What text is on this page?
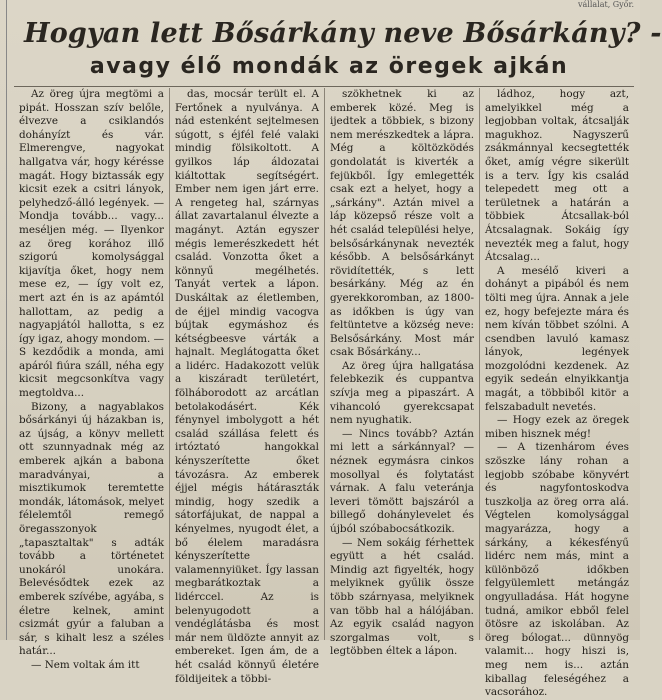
vállalat, Győr.
Hogyan lett Bősárkány neve Bősárkány? -
avagy élő mondák az öregek ajkán

Az öreg újra megtömi a pipát. Hosszan szív belőle, élvezve a csiklandós dohányízt és vár. Elmerengve, nagyokat hallgatva vár, hogy kérésse magát. Hogy biztassák egy kicsit ezek a csitri lányok, pelyhedző-álló legények. — Mondja tovább... vagy... meséljen még. — Ilyenkor az öreg korához illő szigorú komolysággal kijavítja őket, hogy nem mese ez, — így volt ez, mert azt én is az apámtól hallottam, az pedig a nagyapjától hallotta, s ez így igaz, ahogy mondom. — S kezdődik a monda, ami apáról fiúra száll, néha egy kicsit megcsonkítva vagy megtoldva...

Bizony, a nagyablakos bősárkányi új házakban is, az újság, a könyv mellett ott szunnyadnak még az emberek ajkán a babona maradványai, a misztikumok teremtette mondák, látomások, melyet félelemtől remegő öregasszonyok „tapasztaltak" s adták tovább a történetet unokáról unokára. Belevésődtek ezek az emberek szívébe, agyába, s életre kelnek, amint csizmát gyúr a faluban a sár, s kihalt lesz a széles határ...

— Nem voltak ám itt

das, mocsár terült el. A Fertőnek a nyulványa. A nád estenként sejtelmesen súgott, s éjfél felé valaki mindig fölsikoltott. A gyilkos láp áldozatai kiáltottak segítségért. Ember nem igen járt erre. A rengeteg hal, szárnyas állat zavartalanul élvezte a magányt. Aztán egyszer mégis lemerészkedett hét család. Vonzotta őket a könnyű megélhetés. Tanyát vertek a lápon. Duskáltak az életlemben, de éjjel mindig vacogva bújtak egymáshoz és kétségbeesve várták a hajnalt. Meglátogatta őket a lidérc. Hadakozott velük a kiszáradt területért, fölháborodott az arcátlan betolakodásért. Kék fénynyel imbolygott a hét család szállása felett és irtóztató hangokkal kényszerítette őket távozásra. Az emberek éjjel mégis hátáraszták mindig, hogy szedik a sátorfájukat, de nappal a kényelmes, nyugodt élet, a bő élelem maradásra kényszerítette valamennyiüket. Így lassan megbarátkoztak a lidérccel. Az is belenyugodott a vendéglátásba és most már nem üldözte annyit az embereket. Igen ám, de a hét család könnyű életére földijeitek a többi-

szökhetnek ki az emberek közé. Meg is ijedtek a többiek, s bizony nem merészkedtek a lápra. Még a költözködés gondolatát is kiverték a fejükből. Így emlegették csak ezt a helyet, hogy a „sárkány". Aztán mivel a láp közepső része volt a hét család települési helye, belsősárkánynak nevezték később. A belsősárkányt rövidítették, s lett besárkány. Még az én gyerekkoromban, az 1800-as időkben is úgy van feltüntetve a község neve: Belsősárkány. Most már csak Bősárkány...

Az öreg újra hallgatása felebkezik és cuppantva szívja meg a pipaszárt. A vihancoló gyerekcsapat nem nyughatik.

— Nincs tovább? Aztán mi lett a sárkánnyal? — néznek egymásra cinkos mosollyal és folytatást várnak. A falu veteránja leveri tömött bajszáról a billegő dohánylevelet és újból szóbabocsátkozik.

— Nem sokáig férhettek együtt a hét család. Mindig azt figyelték, hogy melyiknek gyűlik össze több szárnyasa, melyiknek van több hal a hálójában. Az egyik család nagyon szorgalmas volt, s legtöbben éltek a lápon.

ládhoz, hogy azt, amelyikkel még a legjobban voltak, átcsalják magukhoz. Nagyszerű zsákmánnyal kecsegtették őket, amíg végre sikerült is a terv. Így kis család telepedett meg ott a területnek a határán a többiek Átcsallak-ból Átcsalagnak. Sokáig így nevezték meg a falut, hogy Átcsalag...

A mesélő kiveri a dohányt a pipából és nem tölti meg újra. Annak a jele ez, hogy befejezte mára és nem kíván többet szólni. A csendben lavuló kamasz lányok, legények mozgolódni kezdenek. Az egyik sedeán elnyikkantja magát, a többiből kitör a felszabadult nevetés.

— Hogy ezek az öregek miben hisznek még!

— A tizenhárom éves szöszke lány rohan a legjobb szóbabe könyvért és nagyfontoskodva tuszkolja az öreg orra alá. Végtelen komolysággal magyarázza, hogy a sárkány, a kékesfényű lidérc nem más, mint a különböző időkben felgyülemlett metángáz ongyulladása. Hát hogyne tudná, amikor ebből felel ötösre az iskolában. Az öreg bólogat... dünnyög valamit... hogy hiszi is, meg nem is... aztán kiballag feleségéhez a vacsorához.
